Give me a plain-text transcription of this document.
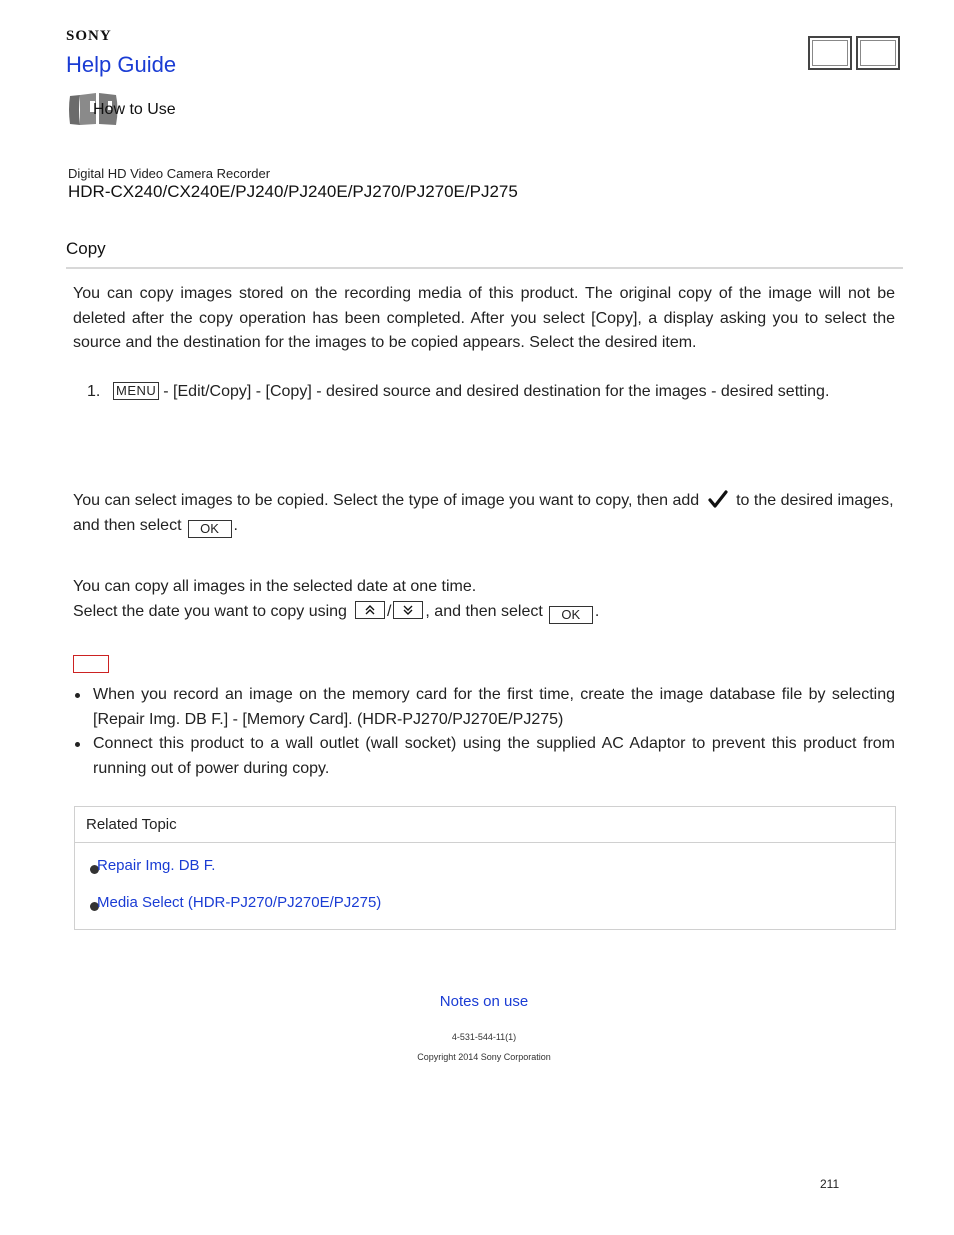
SONY
Help Guide
How to Use
Digital HD Video Camera Recorder
HDR-CX240/CX240E/PJ240/PJ240E/PJ270/PJ270E/PJ275
Copy
You can copy images stored on the recording media of this product. The original copy of the image will not be deleted after the copy operation has been completed. After you select [Copy], a display asking you to select the source and the destination for the images to be copied appears. Select the desired item.
1. MENU - [Edit/Copy] - [Copy] - desired source and desired destination for the images - desired setting.
You can select images to be copied. Select the type of image you want to copy, then add to the desired images, and then select OK .
You can copy all images in the selected date at one time.
Select the date you want to copy using	/ , and then select OK .
When you record an image on the memory card for the first time, create the image database file by selecting [Repair Img. DB F.] - [Memory Card]. (HDR-PJ270/PJ270E/PJ275)
Connect this product to a wall outlet (wall socket) using the supplied AC Adaptor to prevent this product from running out of power during copy.
Related Topic
Repair Img. DB F.
Media Select (HDR-PJ270/PJ270E/PJ275)
Notes on use
4-531-544-11(1)
Copyright 2014 Sony Corporation
211
